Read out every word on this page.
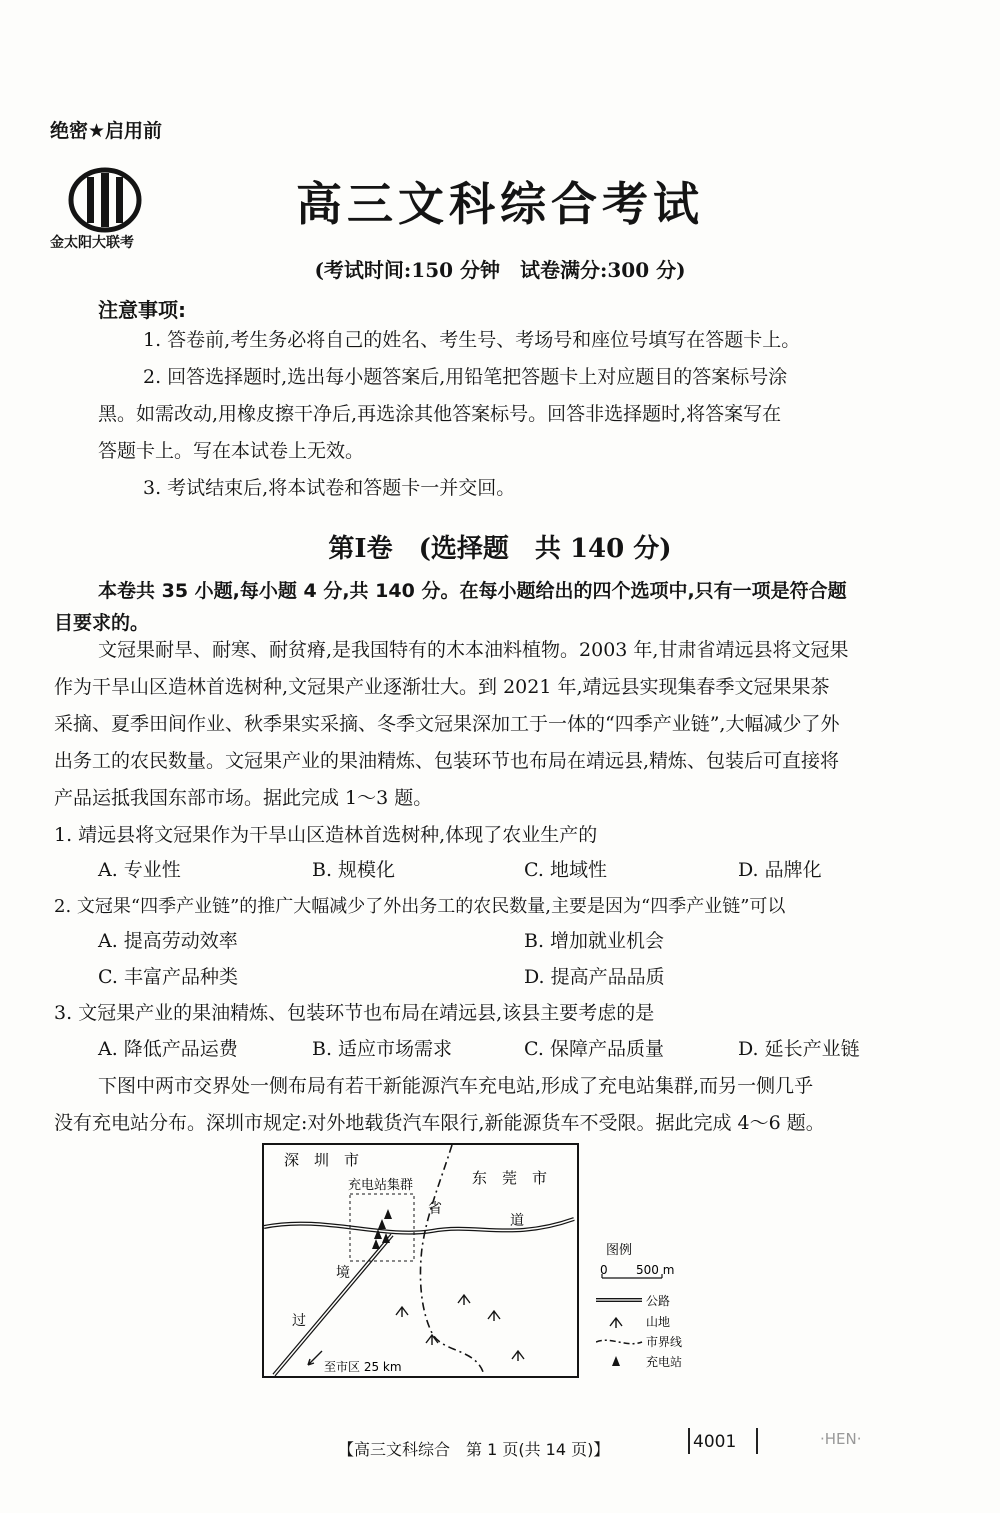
绝密★启用前
金太阳大联考
高三文科综合考试
(考试时间:150 分钟　试卷满分:300 分)
注意事项:
1. 答卷前,考生务必将自己的姓名、考生号、考场号和座位号填写在答题卡上。
2. 回答选择题时,选出每小题答案后,用铅笔把答题卡上对应题目的答案标号涂
黑。如需改动,用橡皮擦干净后,再选涂其他答案标号。回答非选择题时,将答案写在
答题卡上。写在本试卷上无效。
3. 考试结束后,将本试卷和答题卡一并交回。
第Ⅰ卷　(选择题　共 140 分)
本卷共 35 小题,每小题 4 分,共 140 分。在每小题给出的四个选项中,只有一项是符合题
目要求的。
文冠果耐旱、耐寒、耐贫瘠,是我国特有的木本油料植物。2003 年,甘肃省靖远县将文冠果
作为干旱山区造林首选树种,文冠果产业逐渐壮大。到 2021 年,靖远县实现集春季文冠果果茶
采摘、夏季田间作业、秋季果实采摘、冬季文冠果深加工于一体的“四季产业链”,大幅减少了外
出务工的农民数量。文冠果产业的果油精炼、包装环节也布局在靖远县,精炼、包装后可直接将
产品运抵我国东部市场。据此完成 1～3 题。
1. 靖远县将文冠果作为干旱山区造林首选树种,体现了农业生产的
A. 专业性	B. 规模化	C. 地域性	D. 品牌化
2. 文冠果“四季产业链”的推广大幅减少了外出务工的农民数量,主要是因为“四季产业链”可以
A. 提高劳动效率	B. 增加就业机会
C. 丰富产品种类	D. 提高产品品质
3. 文冠果产业的果油精炼、包装环节也布局在靖远县,该县主要考虑的是
A. 降低产品运费	B. 适应市场需求	C. 保障产品质量	D. 延长产业链
下图中两市交界处一侧布局有若干新能源汽车充电站,形成了充电站集群,而另一侧几乎
没有充电站分布。深圳市规定:对外地载货汽车限行,新能源货车不受限。据此完成 4～6 题。
深　圳　市
东　莞　市
充电站集群
省
道
境
过
至市区 25 km
图例
0 500 m
公路
山地
市界线
充电站
【高三文科综合　第 1 页(共 14 页)】	4001	·HEN·
